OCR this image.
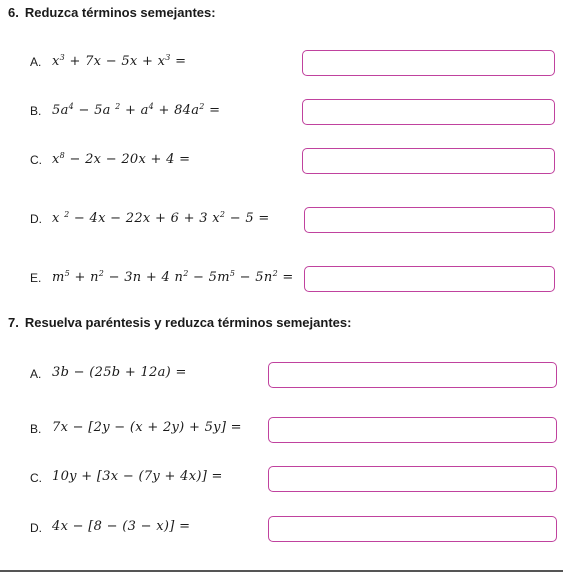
6. Reduzca términos semejantes:
A. $x^3 + 7x - 5x + x^3$ =
B. $5a^4 - 5a$ $^2 + a^4 + 84a^2$ =
C. $x^8 - 2x - 20x + 4$ =
D. x $^2$ − 4x − 22x + 6 + 3 $x^2 - 5$ =
E. $m^5 + n^2 - 3n + 4$ $n^2 - 5m^5 - 5n^2$ =
7. Resuelva paréntesis y reduzca términos semejantes:
A. 3b − (25b + 12a) =
B. 7x − [2y − (x + 2y) + 5y] =
C. 10y + [3x − (7y + 4x)] =
D. 4x − [8 − (3 − x)] =
